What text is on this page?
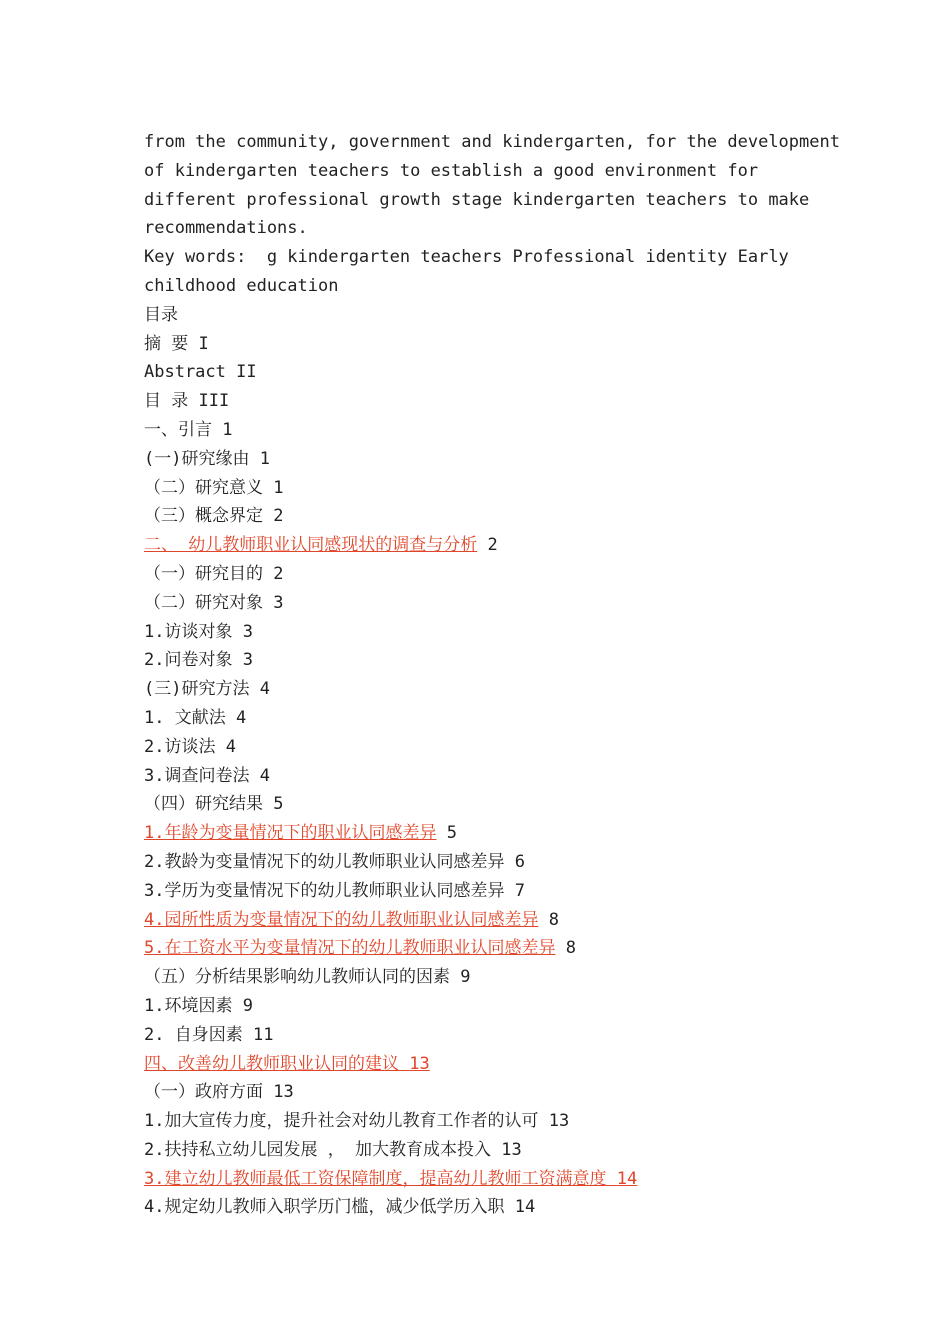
from the community, government and kindergarten, for the development
of kindergarten teachers to establish a good environment for
different professional growth stage kindergarten teachers to make
recommendations.
Key words:  g kindergarten teachers Professional identity Early
childhood education
目录
摘 要 I
Abstract II
目 录 III
一、引言 1
(一)研究缘由 1
（二）研究意义 1
（三）概念界定 2
二、 幼儿教师职业认同感现状的调查与分析 2
（一）研究目的 2
（二）研究对象 3
1.访谈对象 3
2.问卷对象 3
(三)研究方法 4
1. 文献法 4
2.访谈法 4
3.调查问卷法 4
（四）研究结果 5
1.年龄为变量情况下的职业认同感差异 5
2.教龄为变量情况下的幼儿教师职业认同感差异 6
3.学历为变量情况下的幼儿教师职业认同感差异 7
4.园所性质为变量情况下的幼儿教师职业认同感差异 8
5.在工资水平为变量情况下的幼儿教师职业认同感差异 8
（五）分析结果影响幼儿教师认同的因素 9
1.环境因素 9
2. 自身因素 11
四、改善幼儿教师职业认同的建议 13
（一）政府方面 13
1.加大宣传力度，提升社会对幼儿教育工作者的认可 13
2.扶持私立幼儿园发展 ， 加大教育成本投入 13
3.建立幼儿教师最低工资保障制度，提高幼儿教师工资满意度 14
4.规定幼儿教师入职学历门槛，减少低学历入职 14
